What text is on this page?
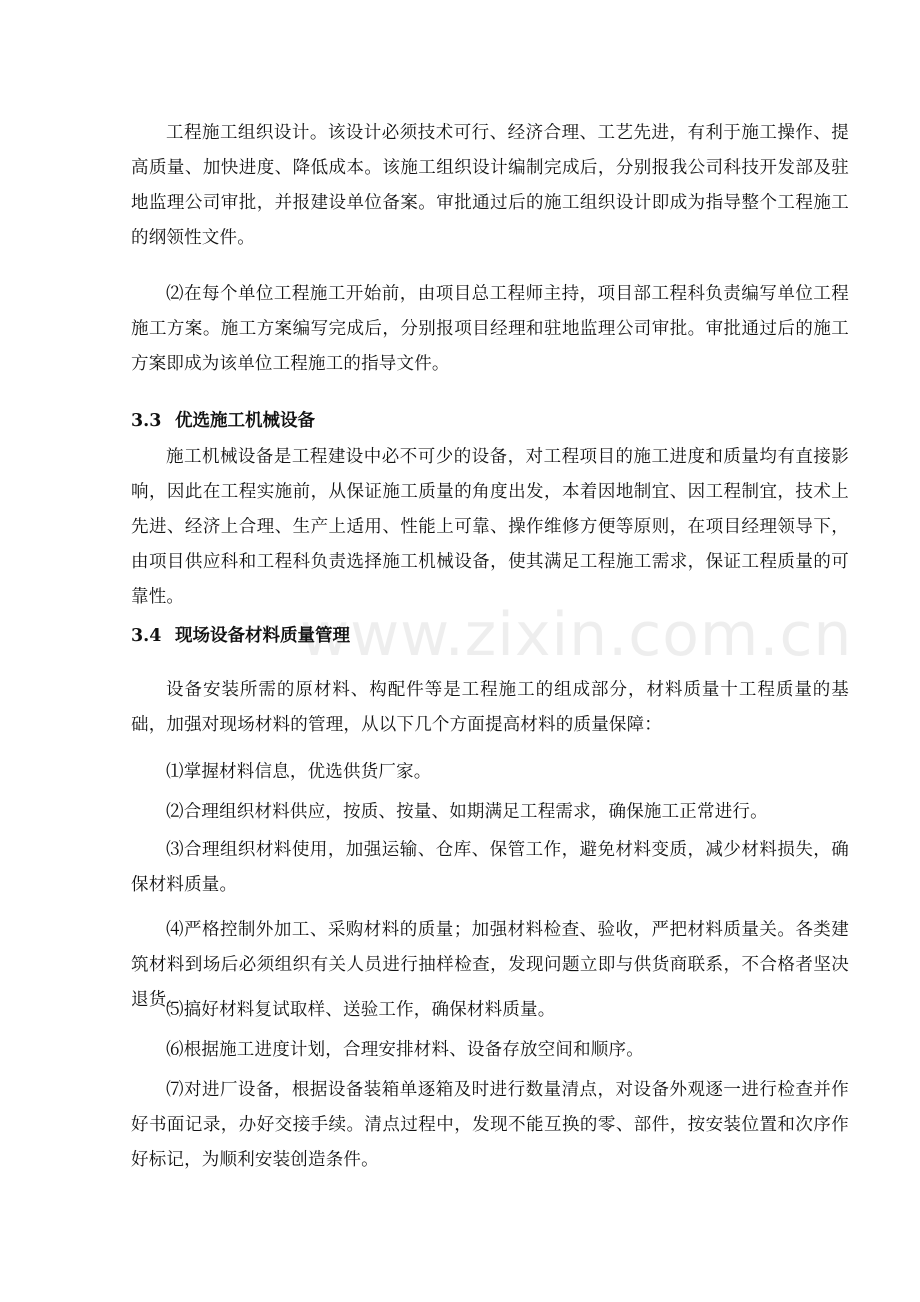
www.zixin.com.cn

工程施工组织设计。该设计必须技术可行、经济合理、工艺先进，有利于施工操作、提高质量、加快进度、降低成本。该施工组织设计编制完成后，分别报我公司科技开发部及驻地监理公司审批，并报建设单位备案。审批通过后的施工组织设计即成为指导整个工程施工的纲领性文件。

⑵在每个单位工程施工开始前，由项目总工程师主持，项目部工程科负责编写单位工程施工方案。施工方案编写完成后，分别报项目经理和驻地监理公司审批。审批通过后的施工方案即成为该单位工程施工的指导文件。

3.3 优选施工机械设备

施工机械设备是工程建设中必不可少的设备，对工程项目的施工进度和质量均有直接影响，因此在工程实施前，从保证施工质量的角度出发，本着因地制宜、因工程制宜，技术上先进、经济上合理、生产上适用、性能上可靠、操作维修方便等原则，在项目经理领导下，由项目供应科和工程科负责选择施工机械设备，使其满足工程施工需求，保证工程质量的可靠性。

3.4 现场设备材料质量管理

设备安装所需的原材料、构配件等是工程施工的组成部分，材料质量十工程质量的基础，加强对现场材料的管理，从以下几个方面提高材料的质量保障：

⑴掌握材料信息，优选供货厂家。

⑵合理组织材料供应，按质、按量、如期满足工程需求，确保施工正常进行。

⑶合理组织材料使用，加强运输、仓库、保管工作，避免材料变质，减少材料损失，确保材料质量。

⑷严格控制外加工、采购材料的质量；加强材料检查、验收，严把材料质量关。各类建筑材料到场后必须组织有关人员进行抽样检查，发现问题立即与供货商联系，不合格者坚决退货。

⑸搞好材料复试取样、送验工作，确保材料质量。

⑹根据施工进度计划，合理安排材料、设备存放空间和顺序。

⑺对进厂设备，根据设备装箱单逐箱及时进行数量清点，对设备外观逐一进行检查并作好书面记录，办好交接手续。清点过程中，发现不能互换的零、部件，按安装位置和次序作好标记，为顺利安装创造条件。
